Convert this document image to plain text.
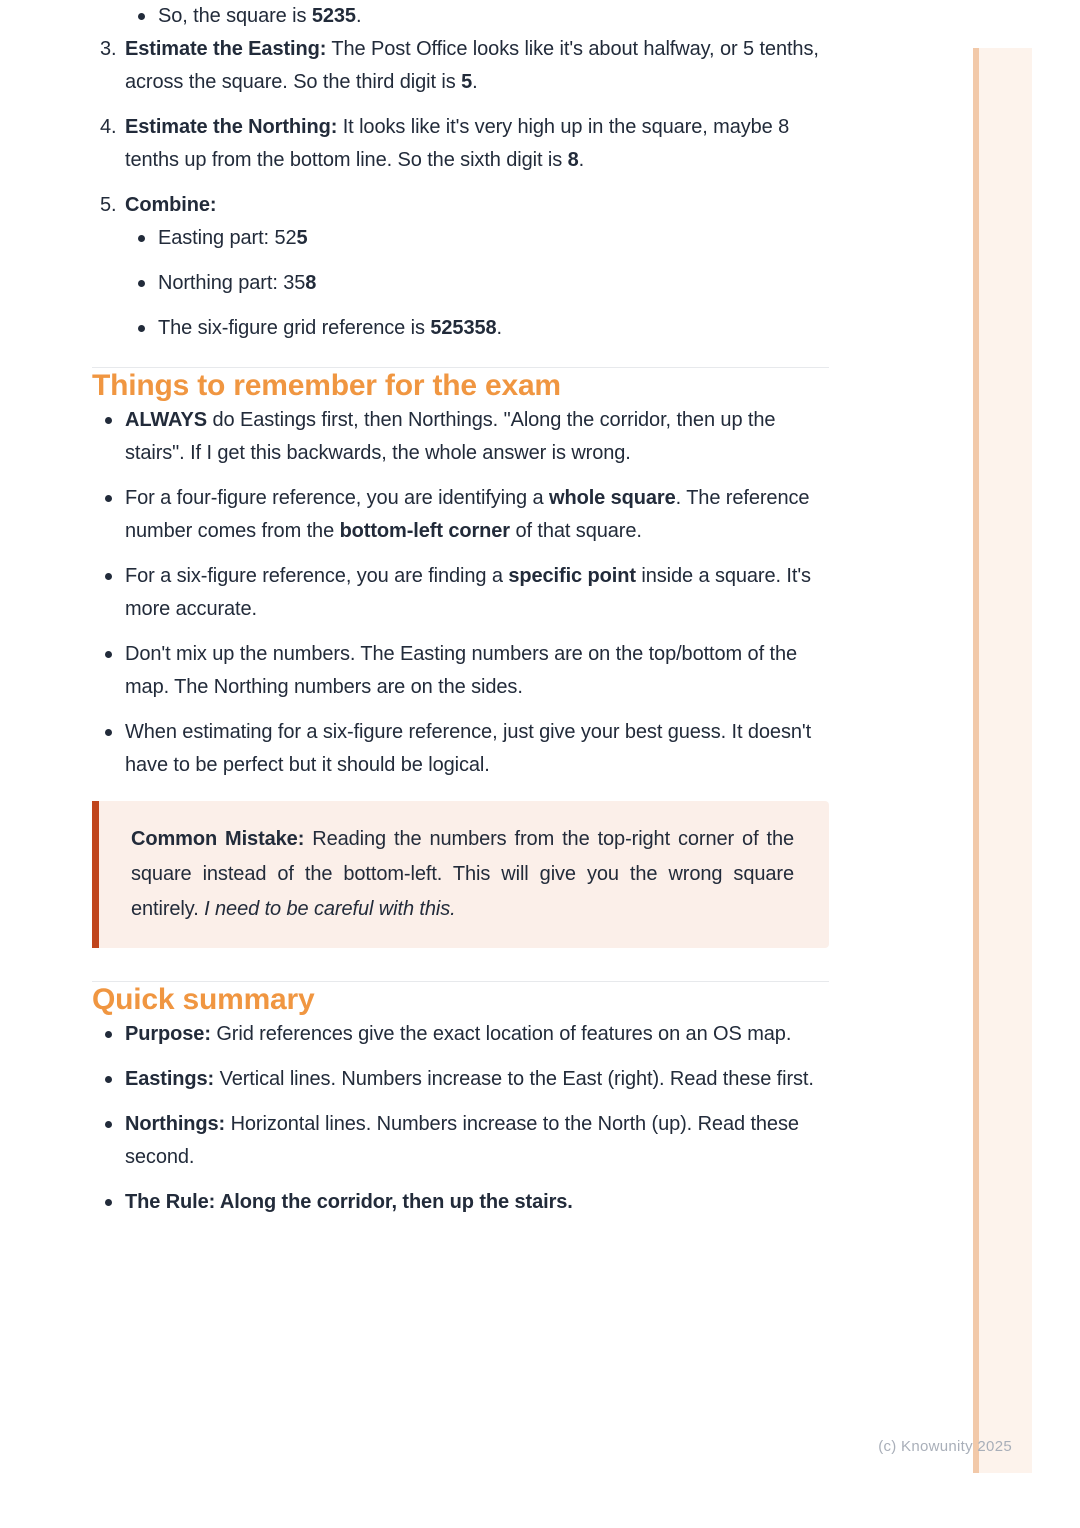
So, the square is 5235.
3. Estimate the Easting: The Post Office looks like it's about halfway, or 5 tenths, across the square. So the third digit is 5.
4. Estimate the Northing: It looks like it's very high up in the square, maybe 8 tenths up from the bottom line. So the sixth digit is 8.
5. Combine:
Easting part: 525
Northing part: 358
The six-figure grid reference is 525358.
Things to remember for the exam
ALWAYS do Eastings first, then Northings. "Along the corridor, then up the stairs". If I get this backwards, the whole answer is wrong.
For a four-figure reference, you are identifying a whole square. The reference number comes from the bottom-left corner of that square.
For a six-figure reference, you are finding a specific point inside a square. It's more accurate.
Don't mix up the numbers. The Easting numbers are on the top/bottom of the map. The Northing numbers are on the sides.
When estimating for a six-figure reference, just give your best guess. It doesn't have to be perfect but it should be logical.
Common Mistake: Reading the numbers from the top-right corner of the square instead of the bottom-left. This will give you the wrong square entirely. I need to be careful with this.
Quick summary
Purpose: Grid references give the exact location of features on an OS map.
Eastings: Vertical lines. Numbers increase to the East (right). Read these first.
Northings: Horizontal lines. Numbers increase to the North (up). Read these second.
The Rule: Along the corridor, then up the stairs.
(c) Knowunity 2025
